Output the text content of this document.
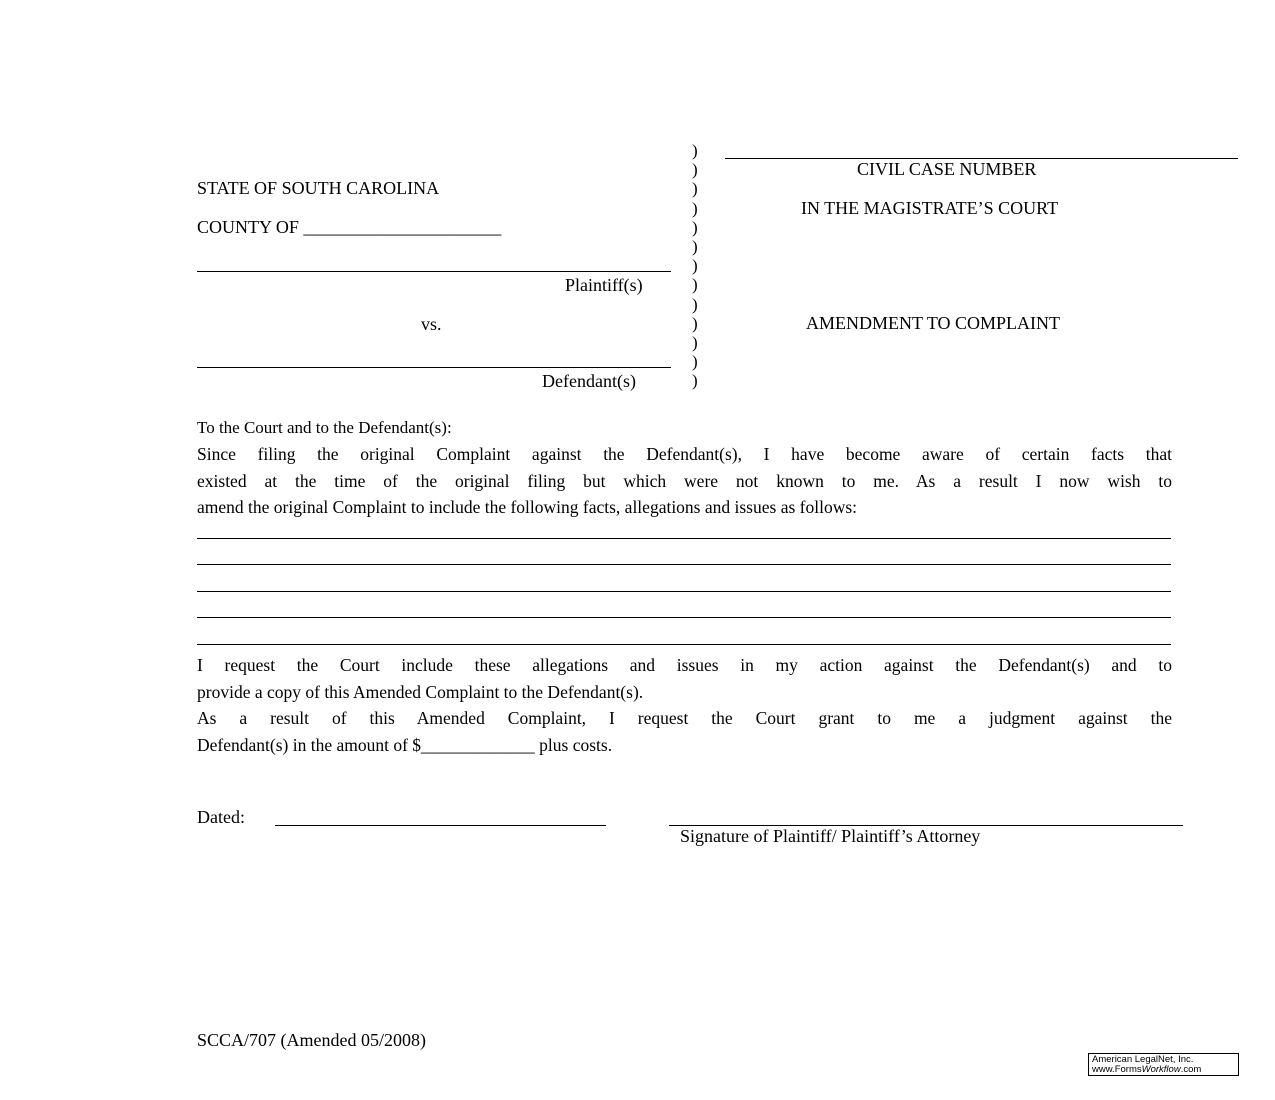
STATE OF SOUTH CAROLINA
COUNTY OF ______________________
Plaintiff(s)
vs.
Defendant(s)
)
)
)
)
)
)
)
)
)
)
)
)
)
CIVIL CASE NUMBER
IN THE MAGISTRATE’S COURT
AMENDMENT TO COMPLAINT
To the Court and to the Defendant(s):
Since filing the original Complaint against the Defendant(s), I have become aware of certain facts that
existed at the time of the original filing but which were not known to me. As a result I now wish to
amend the original Complaint to include the following facts, allegations and issues as follows:
I request the Court include these allegations and issues in my action against the Defendant(s) and to
provide a copy of this Amended Complaint to the Defendant(s).
As a result of this Amended Complaint, I request the Court grant to me a judgment against the
Defendant(s) in the amount of $_____________ plus costs.
Dated:
Signature of Plaintiff/ Plaintiff’s Attorney
SCCA/707 (Amended 05/2008)
American LegalNet, Inc.
www.FormsWorkflow.com
